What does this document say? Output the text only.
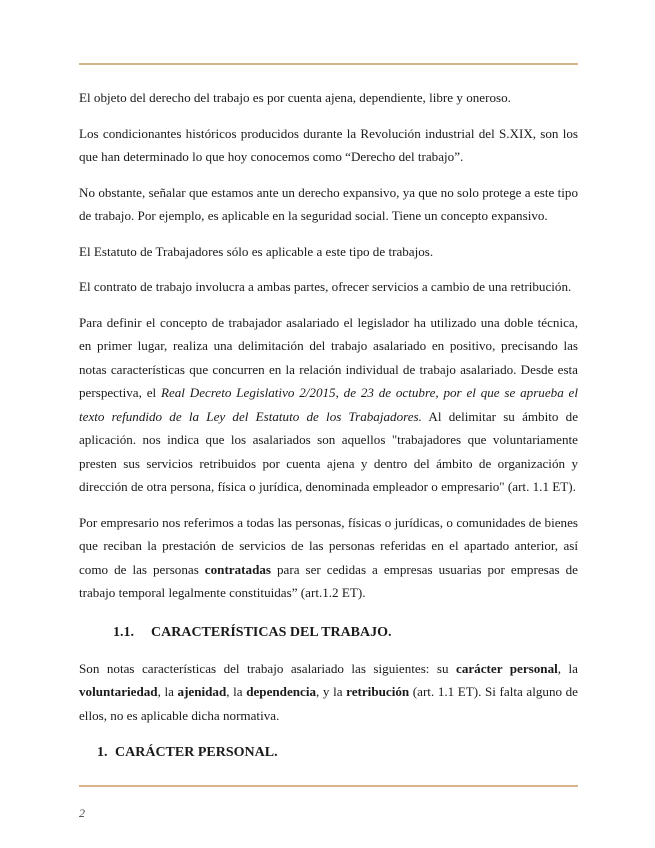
El objeto del derecho del trabajo es por cuenta ajena, dependiente, libre y oneroso.

Los condicionantes históricos producidos durante la Revolución industrial del S.XIX, son los que han determinado lo que hoy conocemos como “Derecho del trabajo”.

No obstante, señalar que estamos ante un derecho expansivo, ya que no solo protege a este tipo de trabajo. Por ejemplo, es aplicable en la seguridad social. Tiene un concepto expansivo.

El Estatuto de Trabajadores sólo es aplicable a este tipo de trabajos.

El contrato de trabajo involucra a ambas partes, ofrecer servicios a cambio de una retribución.

Para definir el concepto de trabajador asalariado el legislador ha utilizado una doble técnica, en primer lugar, realiza una delimitación del trabajo asalariado en positivo, precisando las notas características que concurren en la relación individual de trabajo asalariado. Desde esta perspectiva, el Real Decreto Legislativo 2/2015, de 23 de octubre, por el que se aprueba el texto refundido de la Ley del Estatuto de los Trabajadores. Al delimitar su ámbito de aplicación. nos indica que los asalariados son aquellos "trabajadores que voluntariamente presten sus servicios retribuidos por cuenta ajena y dentro del ámbito de organización y dirección de otra persona, física o jurídica, denominada empleador o empresario" (art. 1.1 ET).

Por empresario nos referimos a todas las personas, físicas o jurídicas, o comunidades de bienes que reciban la prestación de servicios de las personas referidas en el apartado anterior, así como de las personas contratadas para ser cedidas a empresas usuarias por empresas de trabajo temporal legalmente constituidas” (art.1.2 ET).

1.1. CARACTERÍSTICAS DEL TRABAJO.

Son notas características del trabajo asalariado las siguientes: su carácter personal, la voluntariedad, la ajenidad, la dependencia, y la retribución (art. 1.1 ET). Si falta alguno de ellos, no es aplicable dicha normativa.

1. CARÁCTER PERSONAL.
2
